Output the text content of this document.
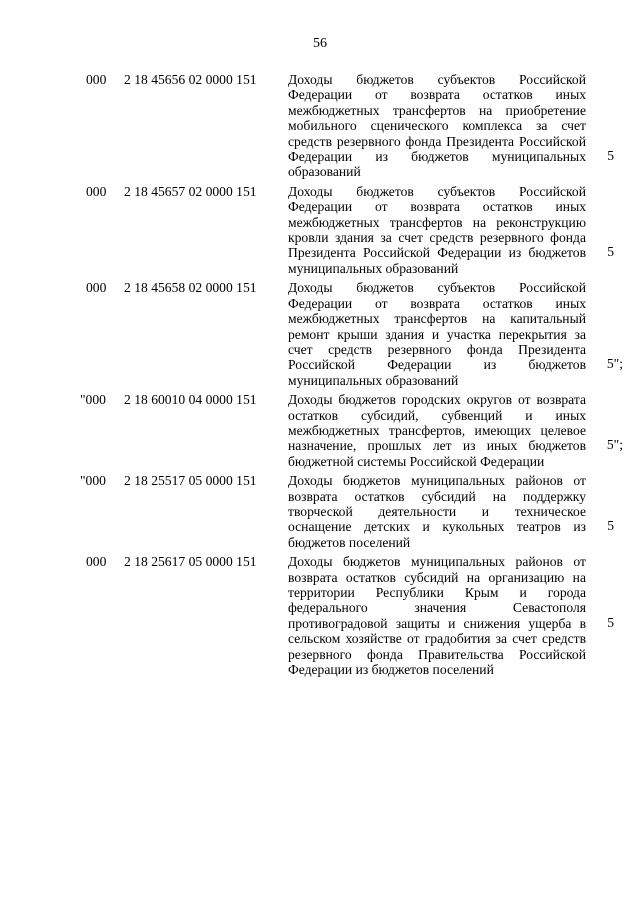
56
000 2 18 45656 02 0000 151 Доходы бюджетов субъектов Российской Федерации от возврата остатков иных межбюджетных трансфертов на приобретение мобильного сценического комплекса за счет средств резервного фонда Президента Российской Федерации из бюджетов муниципальных образований
5
000 2 18 45657 02 0000 151 Доходы бюджетов субъектов Российской Федерации от возврата остатков иных межбюджетных трансфертов на реконструкцию кровли здания за счет средств резервного фонда Президента Российской Федерации из бюджетов муниципальных образований
5
000 2 18 45658 02 0000 151 Доходы бюджетов субъектов Российской Федерации от возврата остатков иных межбюджетных трансфертов на капитальный ремонт крыши здания и участка перекрытия за счет средств резервного фонда Президента Российской Федерации из бюджетов муниципальных образований
5";
"000 2 18 60010 04 0000 151 Доходы бюджетов городских округов от возврата остатков субсидий, субвенций и иных межбюджетных трансфертов, имеющих целевое назначение, прошлых лет из иных бюджетов бюджетной системы Российской Федерации
5";
"000 2 18 25517 05 0000 151 Доходы бюджетов муниципальных районов от возврата остатков субсидий на поддержку творческой деятельности и техническое оснащение детских и кукольных театров из бюджетов поселений
5
000 2 18 25617 05 0000 151 Доходы бюджетов муниципальных районов от возврата остатков субсидий на организацию на территории Республики Крым и города федерального значения Севастополя противоградовой защиты и снижения ущерба в сельском хозяйстве от градобития за счет средств резервного фонда Правительства Российской Федерации из бюджетов поселений
5
